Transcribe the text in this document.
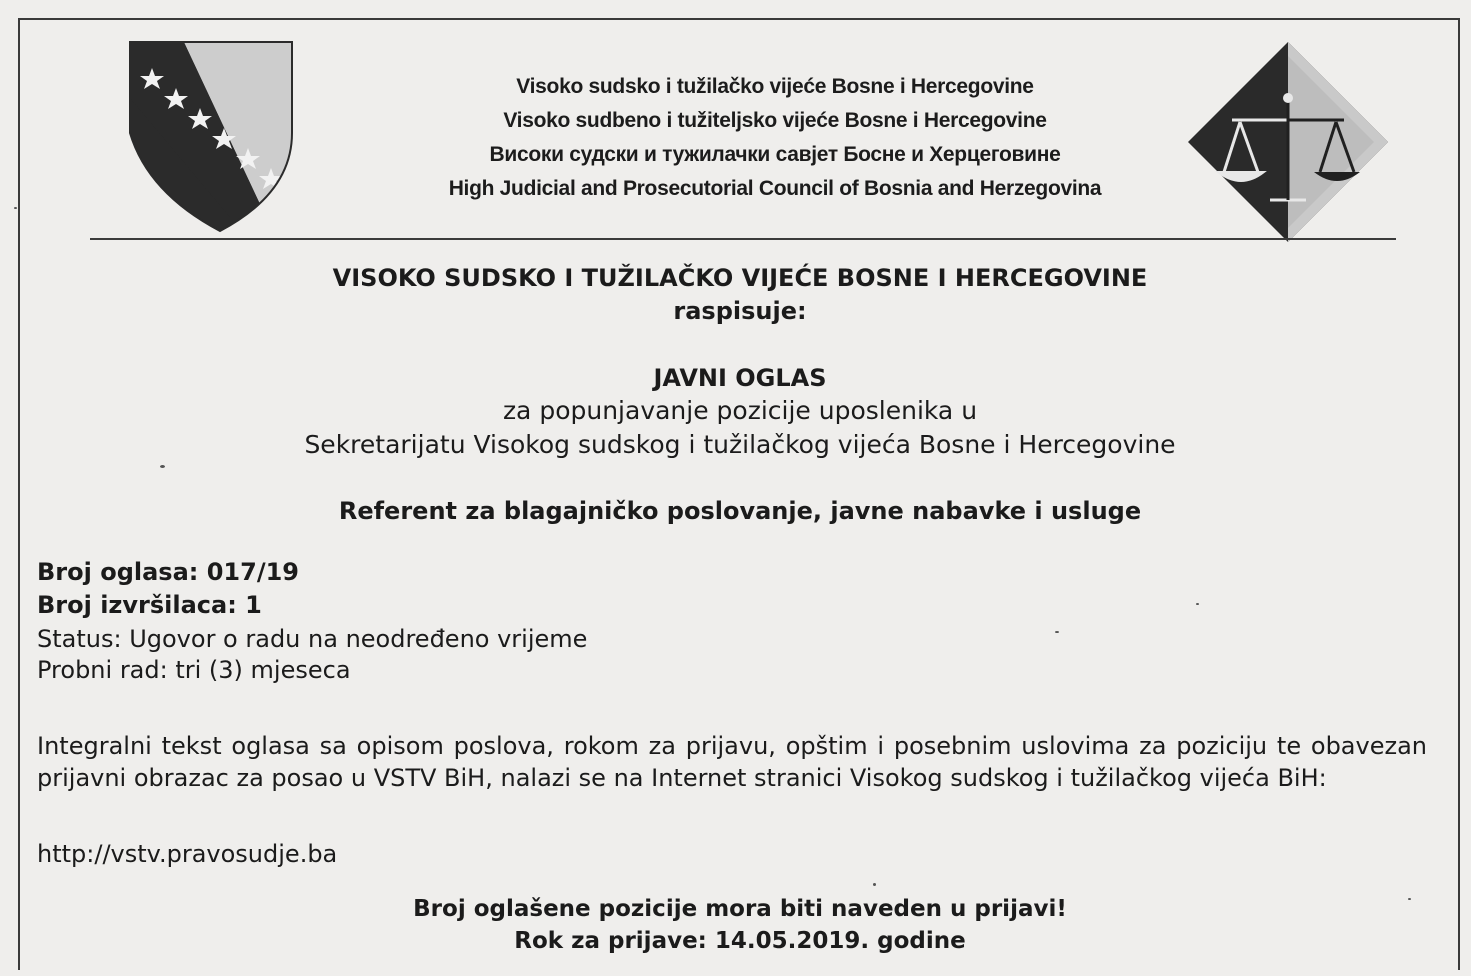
Visoko sudsko i tužilačko vijeće Bosne i Hercegovine
Visoko sudbeno i tužiteljsko vijeće Bosne i Hercegovine
Високи судски и тужилачки савјет Босне и Херцеговине
High Judicial and Prosecutorial Council of Bosnia and Herzegovina
VISOKO SUDSKO I TUŽILAČKO VIJEĆE BOSNE I HERCEGOVINE
raspisuje:
JAVNI OGLAS
za popunjavanje pozicije uposlenika u
Sekretarijatu Visokog sudskog i tužilačkog vijeća Bosne i Hercegovine
Referent za blagajničko poslovanje, javne nabavke i usluge
Broj oglasa: 017/19
Broj izvršilaca: 1
Status: Ugovor o radu na neodređeno vrijeme
Probni rad: tri (3) mjeseca
Integralni tekst oglasa sa opisom poslova, rokom za prijavu, opštim i posebnim uslovima za poziciju te obavezan prijavni obrazac za posao u VSTV BiH, nalazi se na Internet stranici Visokog sudskog i tužilačkog vijeća BiH:
http://vstv.pravosudje.ba
Broj oglašene pozicije mora biti naveden u prijavi!
Rok za prijave: 14.05.2019. godine
